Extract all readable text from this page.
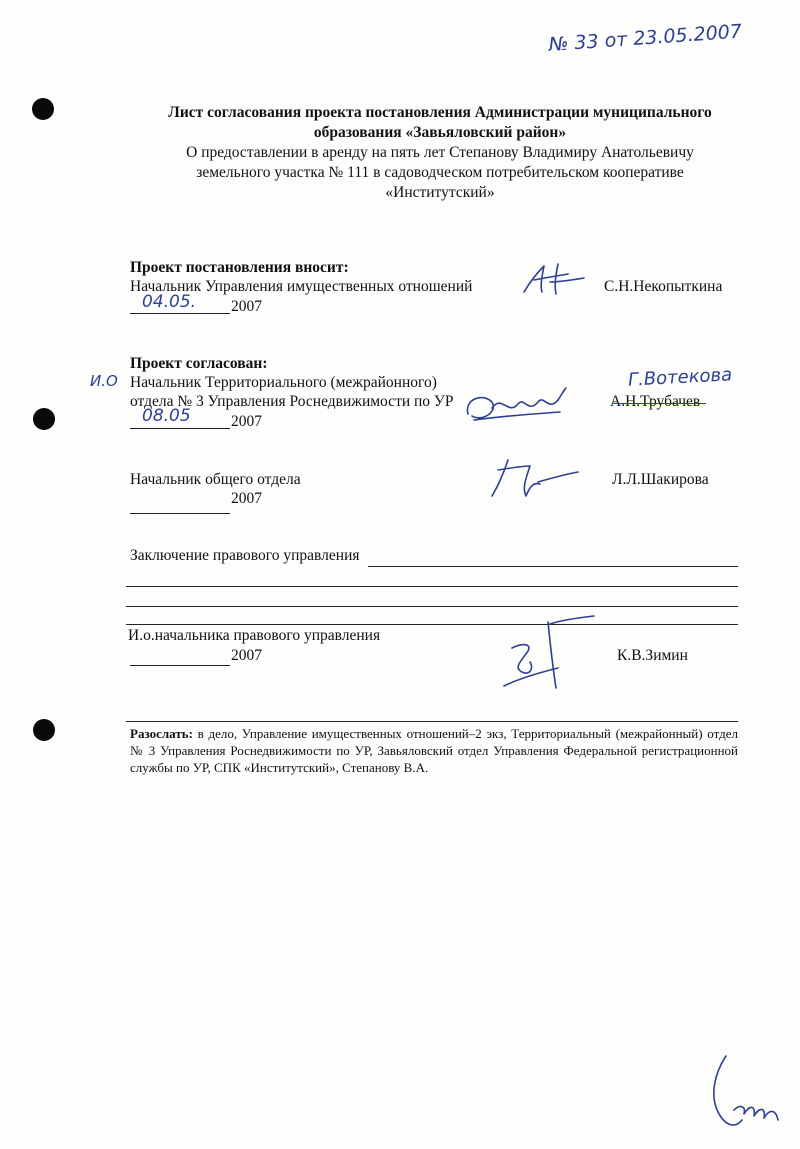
№ 33 от 23.05.2007
Лист согласования проекта постановления Администрации муниципального
образования «Завьяловский район»
О предоставлении в аренду на пять лет Степанову Владимиру Анатольевичу
земельного участка № 111 в садоводческом потребительском кооперативе
«Институтский»
Проект постановления вносит:
Начальник Управления имущественных отношений	С.Н.Некопыткина
04.05. 2007
Проект согласован:
И.О Начальник Территориального (межрайонного)
отдела № 3 Управления Роснедвижимости по УР	А.Н.Трубачев
Г.Вотекова
08.05	2007
Начальник общего отдела	Л.Л.Шакирова
2007
Заключение правового управления
И.о.начальника правового управления
К.В.Зимин
2007
Разослать: в дело, Управление имущественных отношений–2 экз, Территориальный (межрайонный) отдел № 3 Управления Роснедвижимости по УР, Завьяловский отдел Управления Федеральной регистрационной службы по УР, СПК «Институтский», Степанову В.А.
